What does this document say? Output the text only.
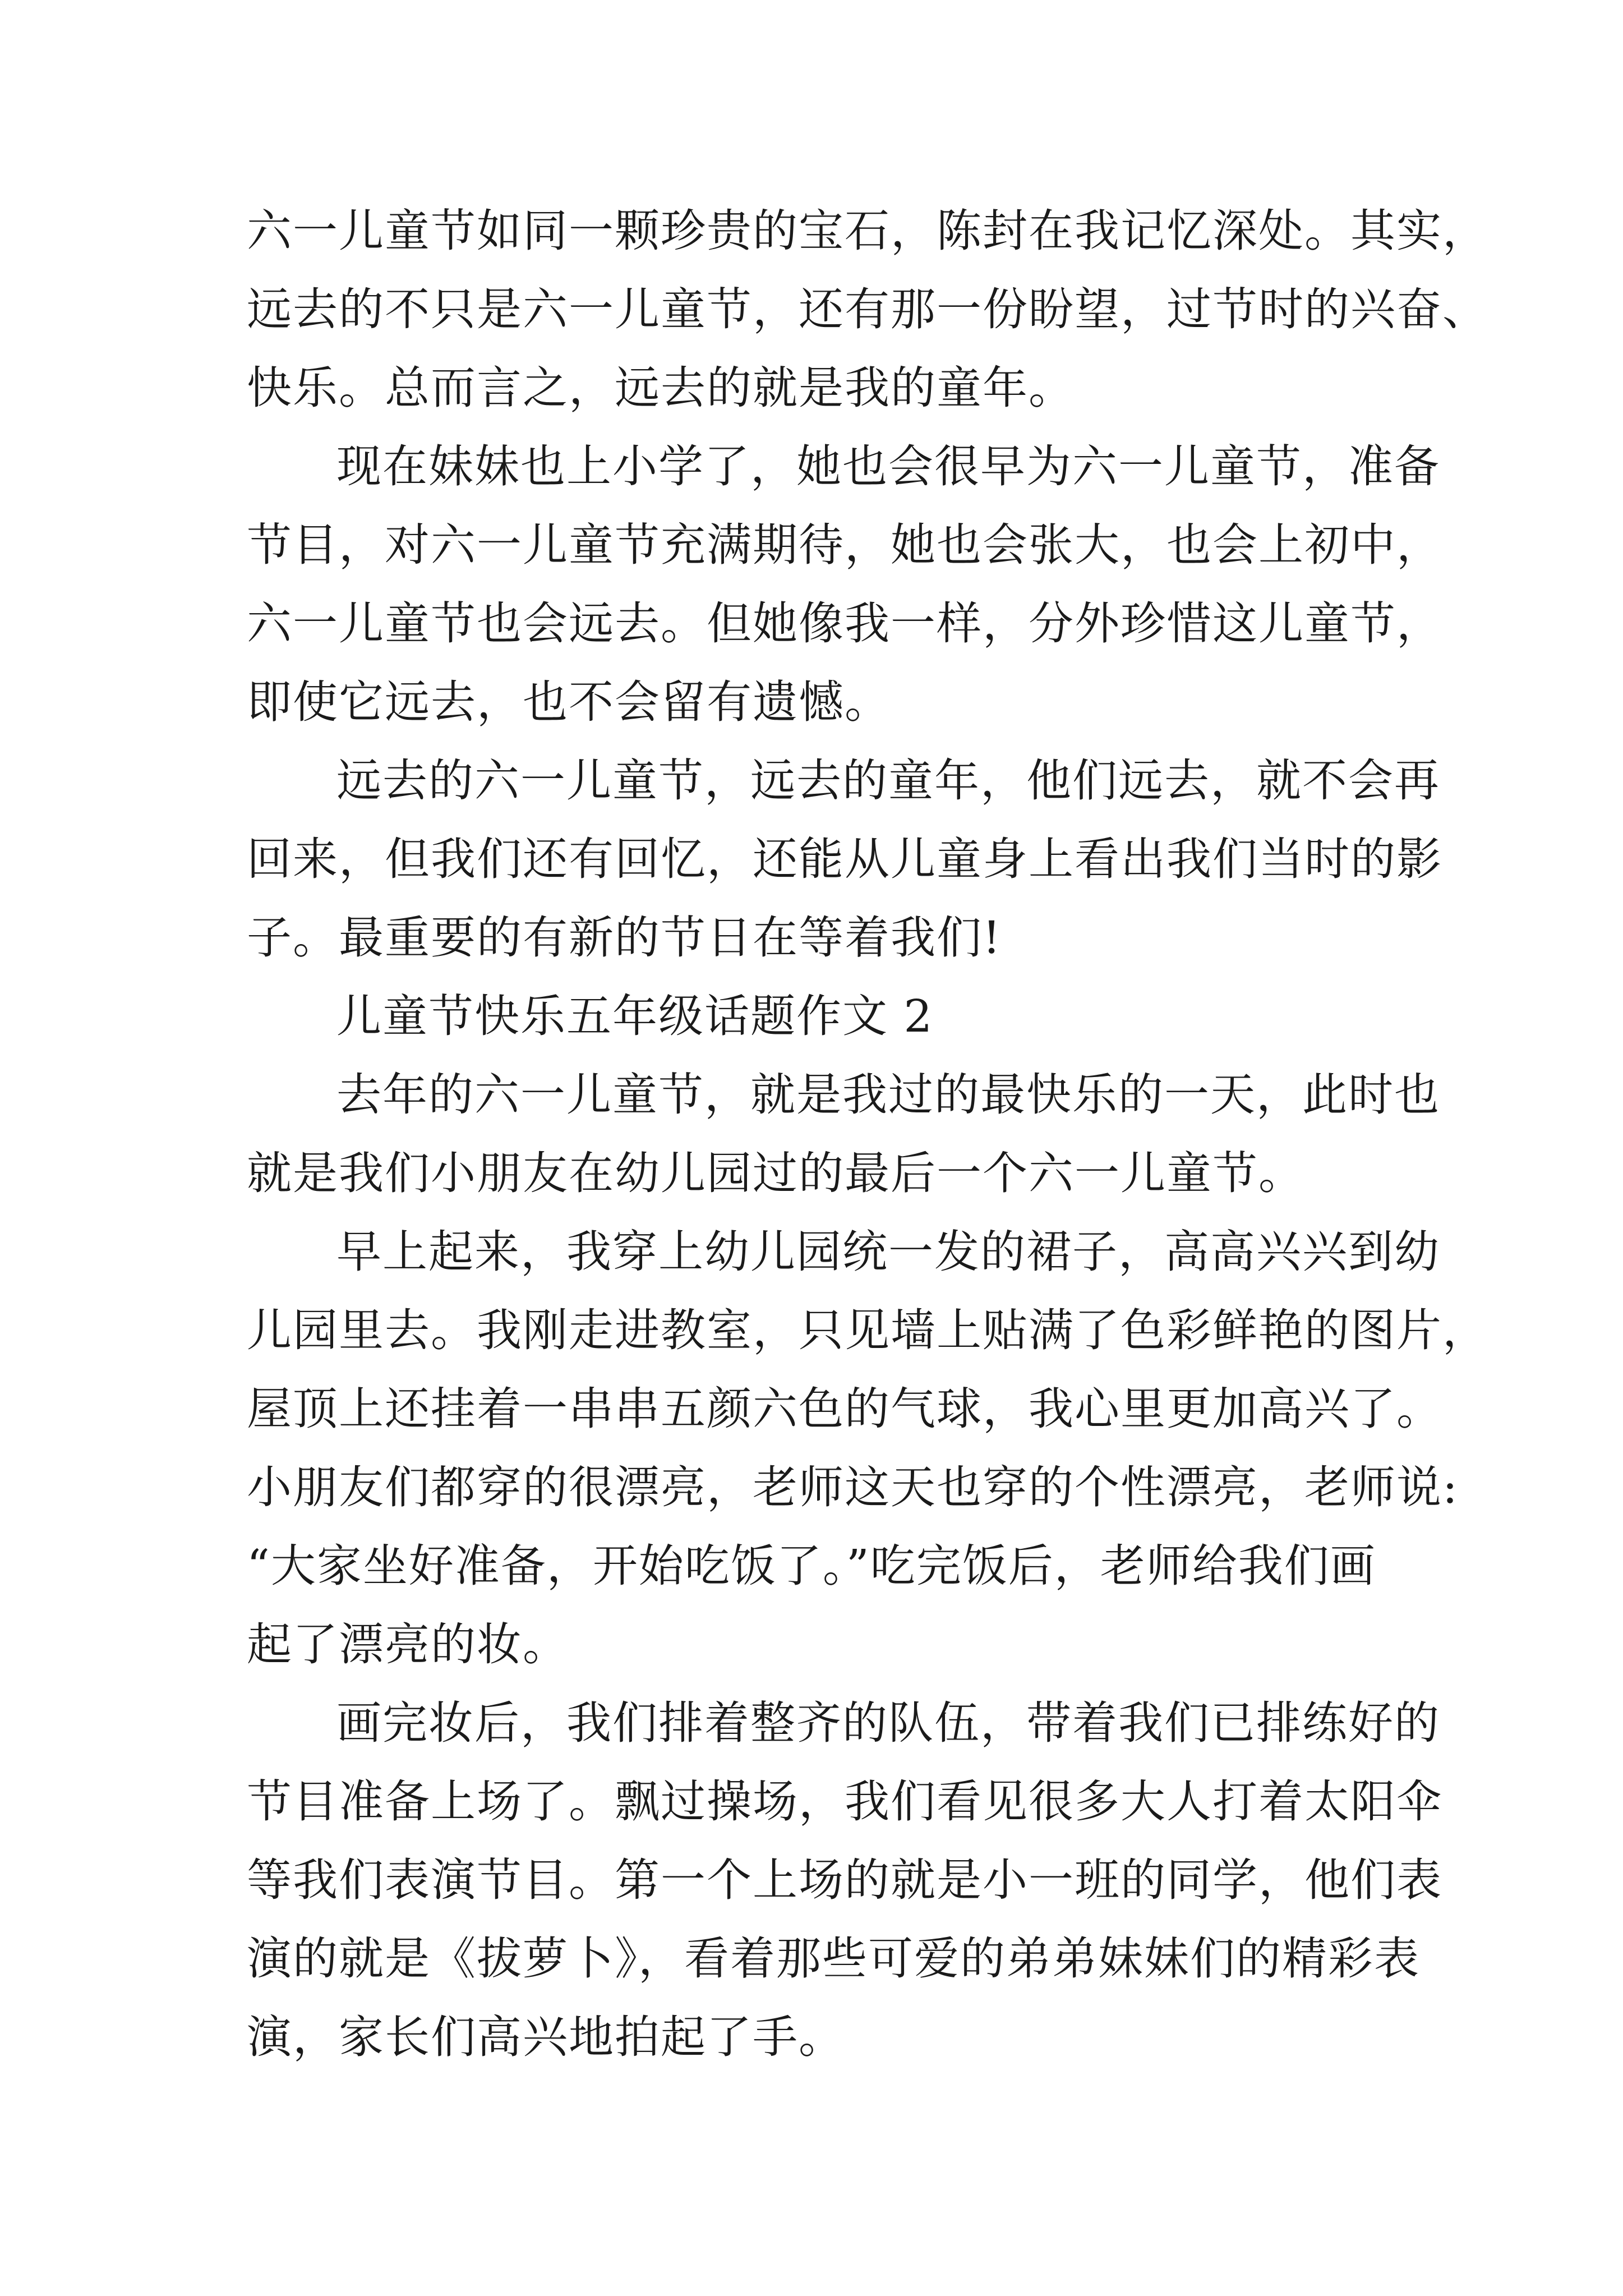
六一儿童节如同一颗珍贵的宝石，陈封在我记忆深处。其实，
远去的不只是六一儿童节，还有那一份盼望，过节时的兴奋、
快乐。总而言之，远去的就是我的童年。
现在妹妹也上小学了，她也会很早为六一儿童节，准备
节目，对六一儿童节充满期待，她也会张大，也会上初中，
六一儿童节也会远去。但她像我一样，分外珍惜这儿童节，
即使它远去，也不会留有遗憾。
远去的六一儿童节，远去的童年，他们远去，就不会再
回来，但我们还有回忆，还能从儿童身上看出我们当时的影
子。最重要的有新的节日在等着我们!
儿童节快乐五年级话题作文 2
去年的六一儿童节，就是我过的最快乐的一天，此时也
就是我们小朋友在幼儿园过的最后一个六一儿童节。
早上起来，我穿上幼儿园统一发的裙子，高高兴兴到幼
儿园里去。我刚走进教室，只见墙上贴满了色彩鲜艳的图片，
屋顶上还挂着一串串五颜六色的气球，我心里更加高兴了。
小朋友们都穿的很漂亮，老师这天也穿的个性漂亮，老师说:
“大家坐好准备，开始吃饭了。”吃完饭后，老师给我们画
起了漂亮的妆。
画完妆后，我们排着整齐的队伍，带着我们已排练好的
节目准备上场了。飘过操场，我们看见很多大人打着太阳伞
等我们表演节目。第一个上场的就是小一班的同学，他们表
演的就是《拔萝卜》，看着那些可爱的弟弟妹妹们的精彩表
演，家长们高兴地拍起了手。
